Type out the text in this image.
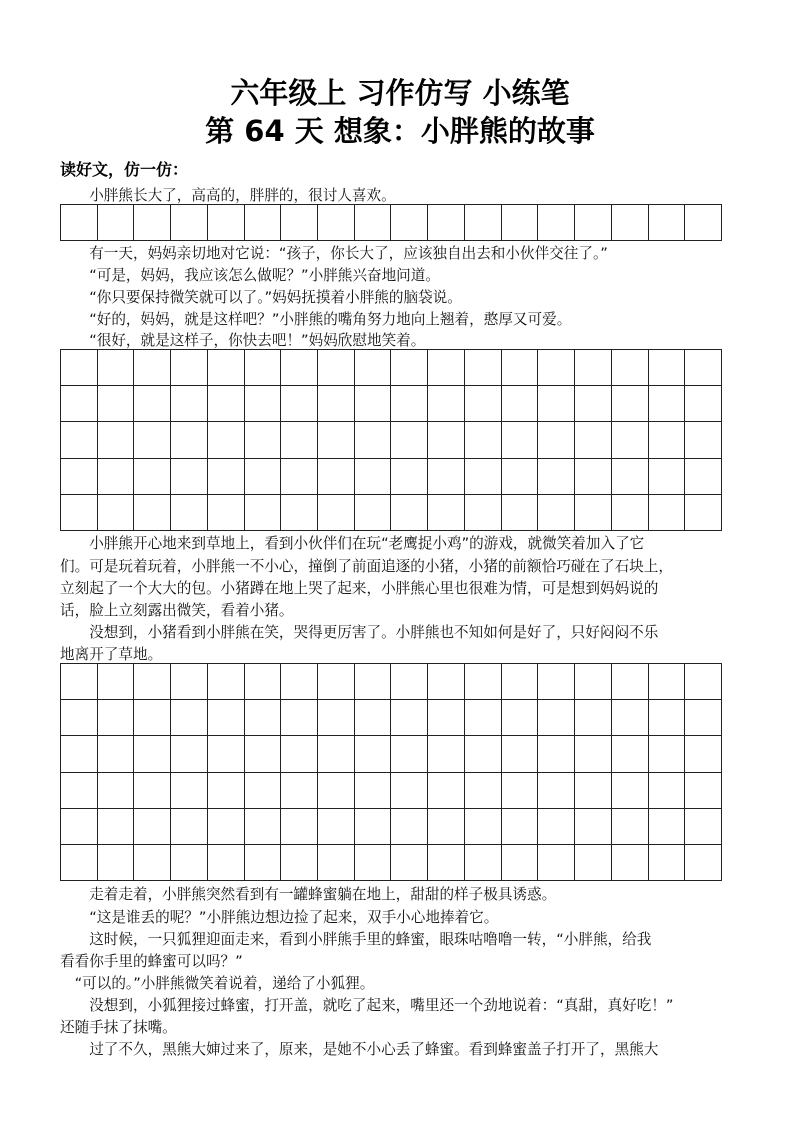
六年级上 习作仿写 小练笔
第 64 天 想象：小胖熊的故事
读好文，仿一仿：
　　小胖熊长大了，高高的，胖胖的，很讨人喜欢。
　　有一天，妈妈亲切地对它说：“孩子，你长大了，应该独自出去和小伙伴交往了。”
　　“可是，妈妈，我应该怎么做呢？”小胖熊兴奋地问道。
　　“你只要保持微笑就可以了。”妈妈抚摸着小胖熊的脑袋说。
　　“好的，妈妈，就是这样吧？”小胖熊的嘴角努力地向上翘着，憨厚又可爱。
　　“很好，就是这样子，你快去吧！”妈妈欣慰地笑着。
　　小胖熊开心地来到草地上，看到小伙伴们在玩“老鹰捉小鸡”的游戏，就微笑着加入了它
们。可是玩着玩着，小胖熊一不小心，撞倒了前面追逐的小猪，小猪的前额恰巧碰在了石块上，
立刻起了一个大大的包。小猪蹲在地上哭了起来，小胖熊心里也很难为情，可是想到妈妈说的
话，脸上立刻露出微笑，看着小猪。
　　没想到，小猪看到小胖熊在笑，哭得更厉害了。小胖熊也不知如何是好了，只好闷闷不乐
地离开了草地。
　　走着走着，小胖熊突然看到有一罐蜂蜜躺在地上，甜甜的样子极具诱惑。
　　“这是谁丢的呢？”小胖熊边想边捡了起来，双手小心地捧着它。
　　这时候，一只狐狸迎面走来，看到小胖熊手里的蜂蜜，眼珠咕噜噜一转，“小胖熊，给我
看看你手里的蜂蜜可以吗？”
　“可以的。”小胖熊微笑着说着，递给了小狐狸。
　　没想到，小狐狸接过蜂蜜，打开盖，就吃了起来，嘴里还一个劲地说着：“真甜，真好吃！”
还随手抹了抹嘴。
　　过了不久，黑熊大婶过来了，原来，是她不小心丢了蜂蜜。看到蜂蜜盖子打开了，黑熊大
